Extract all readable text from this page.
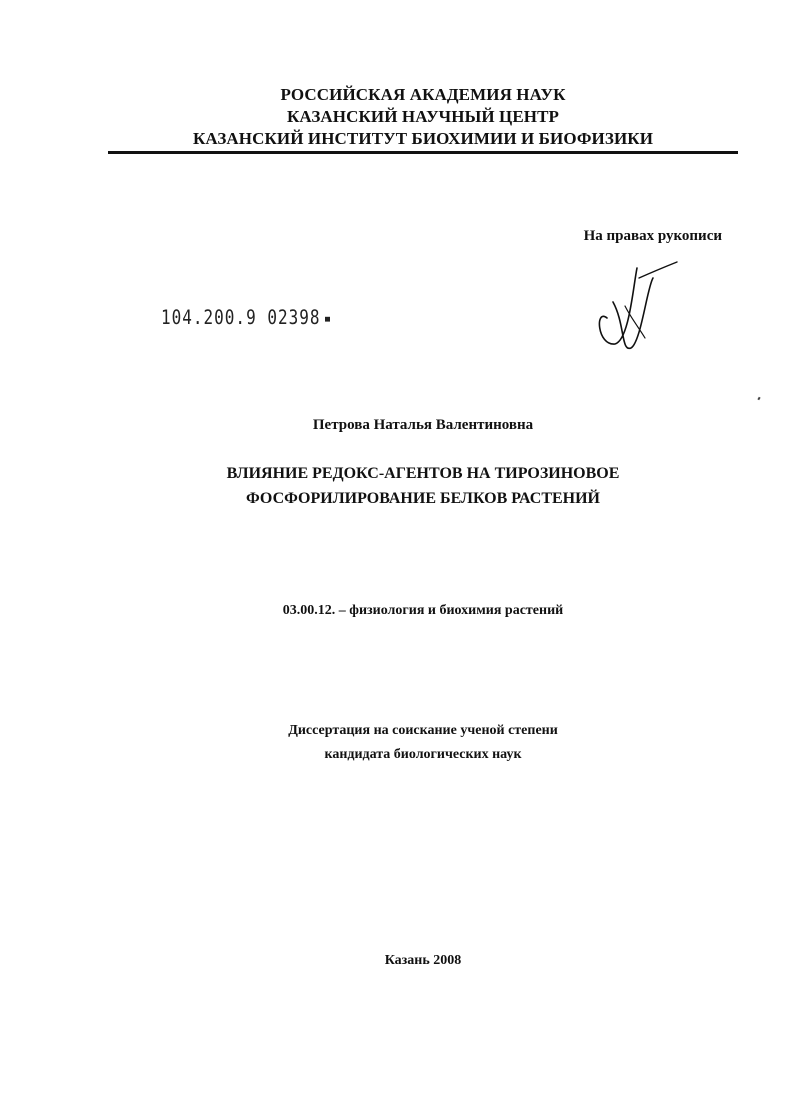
РОССИЙСКАЯ АКАДЕМИЯ НАУК
КАЗАНСКИЙ НАУЧНЫЙ ЦЕНТР
КАЗАНСКИЙ ИНСТИТУТ БИОХИМИИ И БИОФИЗИКИ
На правах рукописи
104.200.9 02398
Петрова Наталья Валентиновна
ВЛИЯНИЕ РЕДОКС-АГЕНТОВ НА ТИРОЗИНОВОЕ
ФОСФОРИЛИРОВАНИЕ БЕЛКОВ РАСТЕНИЙ
03.00.12. – физиология и биохимия растений
Диссертация на соискание ученой степени
кандидата биологических наук
Казань 2008
